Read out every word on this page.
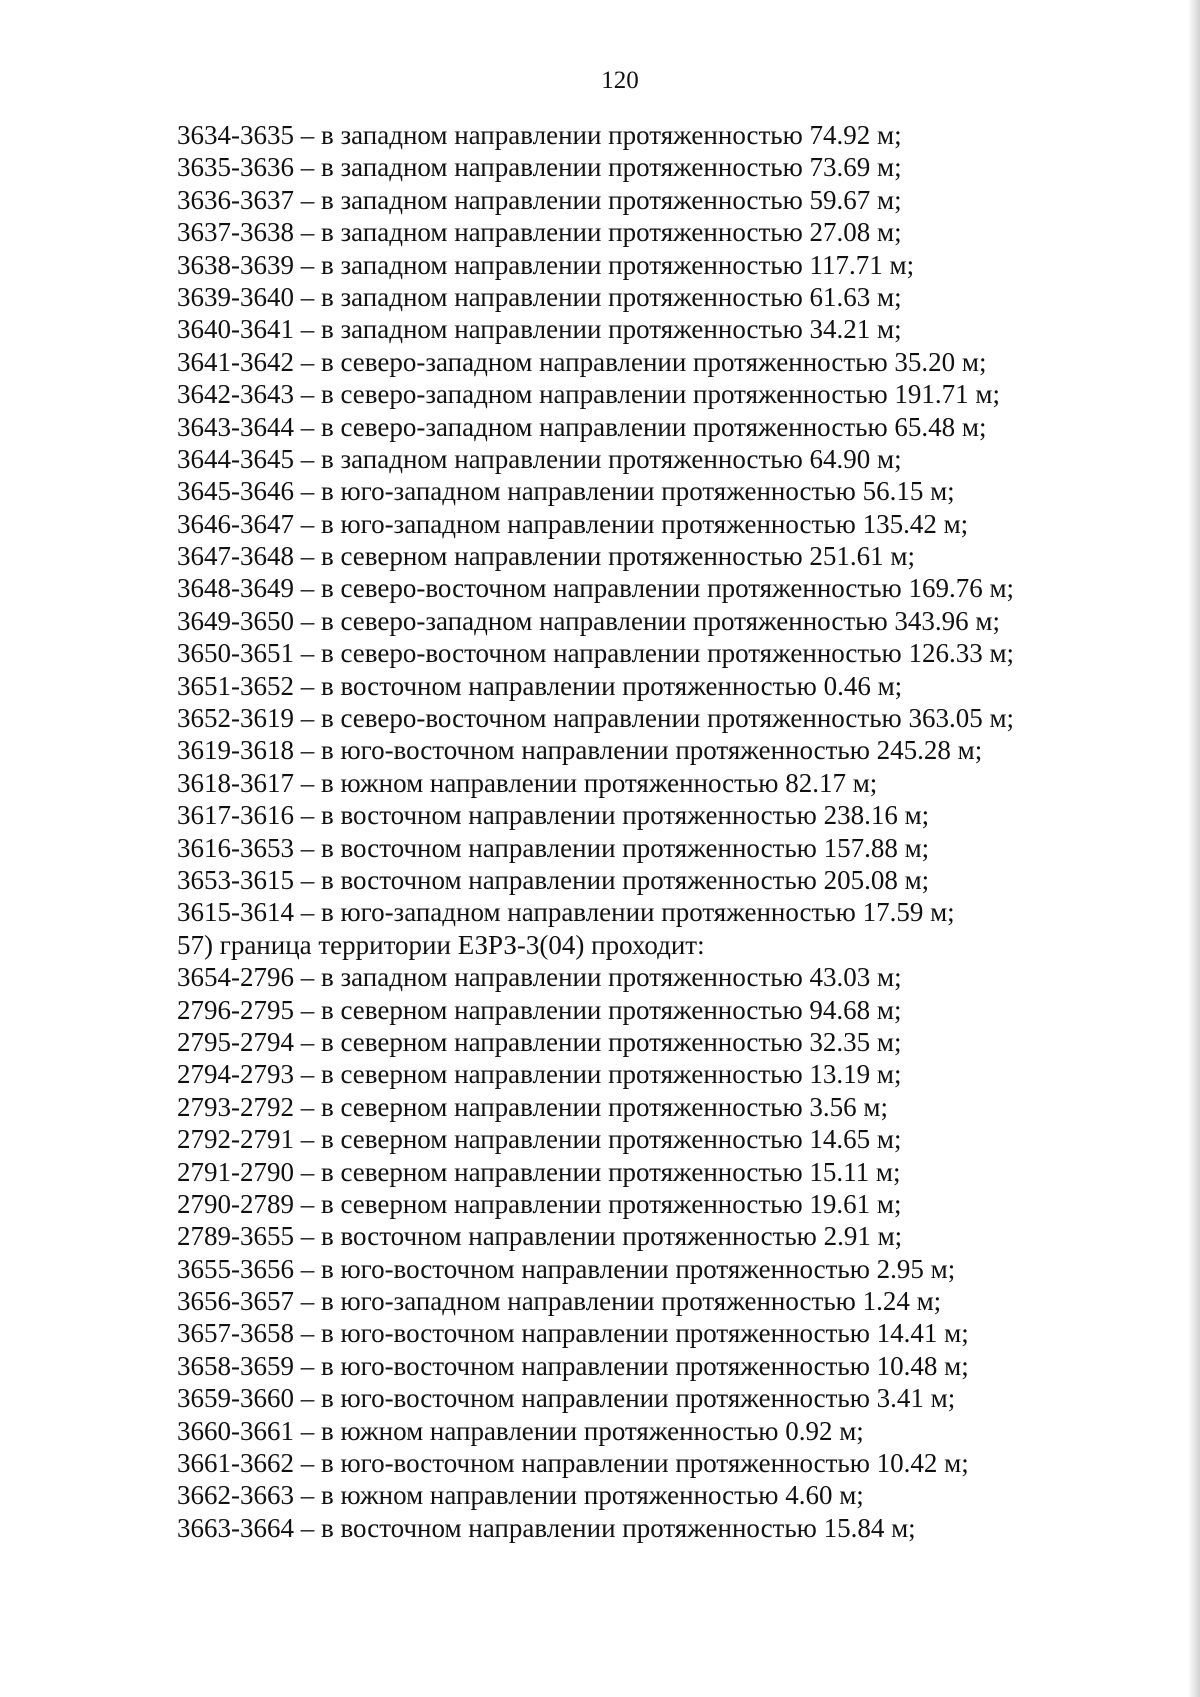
120
3634-3635 – в западном направлении протяженностью 74.92 м;
3635-3636 – в западном направлении протяженностью 73.69 м;
3636-3637 – в западном направлении протяженностью 59.67 м;
3637-3638 – в западном направлении протяженностью 27.08 м;
3638-3639 – в западном направлении протяженностью 117.71 м;
3639-3640 – в западном направлении протяженностью 61.63 м;
3640-3641 – в западном направлении протяженностью 34.21 м;
3641-3642 – в северо-западном направлении протяженностью 35.20 м;
3642-3643 – в северо-западном направлении протяженностью 191.71 м;
3643-3644 – в северо-западном направлении протяженностью 65.48 м;
3644-3645 – в западном направлении протяженностью 64.90 м;
3645-3646 – в юго-западном направлении протяженностью 56.15 м;
3646-3647 – в юго-западном направлении протяженностью 135.42 м;
3647-3648 – в северном направлении протяженностью 251.61 м;
3648-3649 – в северо-восточном направлении протяженностью 169.76 м;
3649-3650 – в северо-западном направлении протяженностью 343.96 м;
3650-3651 – в северо-восточном направлении протяженностью 126.33 м;
3651-3652 – в восточном направлении протяженностью 0.46 м;
3652-3619 – в северо-восточном направлении протяженностью 363.05 м;
3619-3618 – в юго-восточном направлении протяженностью 245.28 м;
3618-3617 – в южном направлении протяженностью 82.17 м;
3617-3616 – в восточном направлении протяженностью 238.16 м;
3616-3653 – в восточном направлении протяженностью 157.88 м;
3653-3615 – в восточном направлении протяженностью 205.08 м;
3615-3614 – в юго-западном направлении протяженностью 17.59 м;
57) граница территории ЕЗРЗ-3(04) проходит:
3654-2796 – в западном направлении протяженностью 43.03 м;
2796-2795 – в северном направлении протяженностью 94.68 м;
2795-2794 – в северном направлении протяженностью 32.35 м;
2794-2793 – в северном направлении протяженностью 13.19 м;
2793-2792 – в северном направлении протяженностью 3.56 м;
2792-2791 – в северном направлении протяженностью 14.65 м;
2791-2790 – в северном направлении протяженностью 15.11 м;
2790-2789 – в северном направлении протяженностью 19.61 м;
2789-3655 – в восточном направлении протяженностью 2.91 м;
3655-3656 – в юго-восточном направлении протяженностью 2.95 м;
3656-3657 – в юго-западном направлении протяженностью 1.24 м;
3657-3658 – в юго-восточном направлении протяженностью 14.41 м;
3658-3659 – в юго-восточном направлении протяженностью 10.48 м;
3659-3660 – в юго-восточном направлении протяженностью 3.41 м;
3660-3661 – в южном направлении протяженностью 0.92 м;
3661-3662 – в юго-восточном направлении протяженностью 10.42 м;
3662-3663 – в южном направлении протяженностью 4.60 м;
3663-3664 – в восточном направлении протяженностью 15.84 м;
